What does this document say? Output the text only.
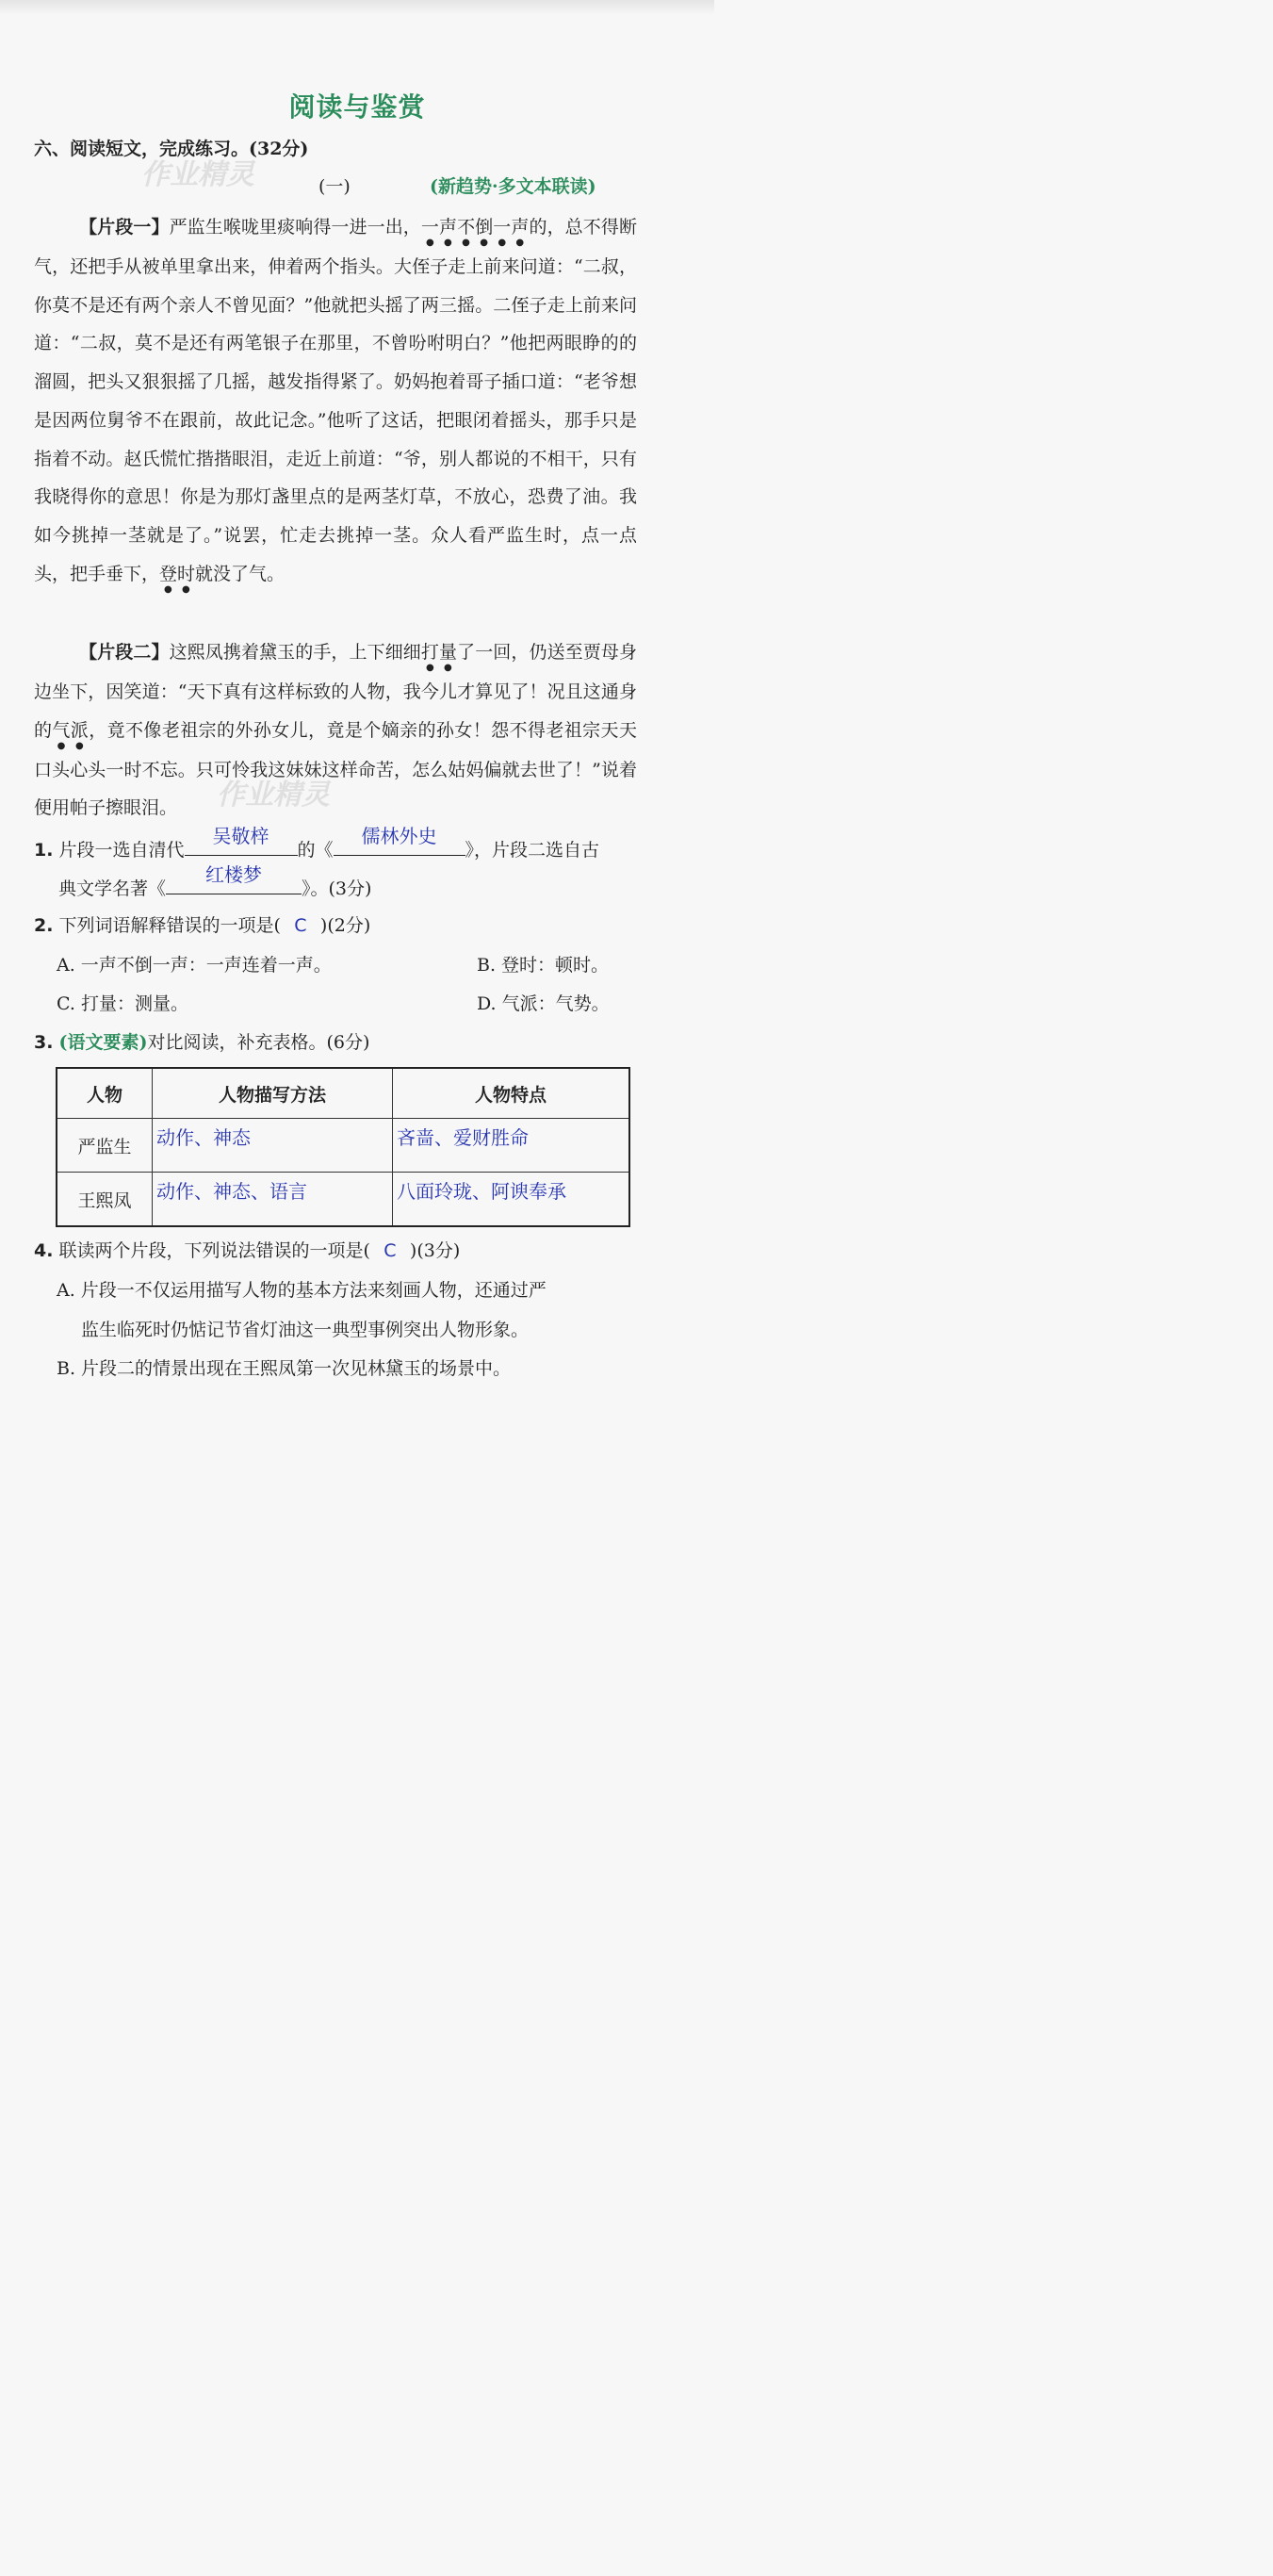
阅读与鉴赏
六、阅读短文，完成练习。(32分)
作业精灵	(一)	(新趋势·多文本联读)
【片段一】严监生喉咙里痰响得一进一出，一声不倒一声的，总不得断气，还把手从被单里拿出来，伸着两个指头。大侄子走上前来问道：“二叔，你莫不是还有两个亲人不曾见面？”他就把头摇了两三摇。二侄子走上前来问道：“二叔，莫不是还有两笔银子在那里，不曾吩咐明白？”他把两眼睁的的溜圆，把头又狠狠摇了几摇，越发指得紧了。奶妈抱着哥子插口道：“老爷想是因两位舅爷不在跟前，故此记念。”他听了这话，把眼闭着摇头，那手只是指着不动。赵氏慌忙揩揩眼泪，走近上前道：“爷，别人都说的不相干，只有我晓得你的意思！你是为那灯盏里点的是两茎灯草，不放心，恐费了油。我如今挑掉一茎就是了。”说罢，忙走去挑掉一茎。众人看严监生时，点一点头，把手垂下，登时就没了气。
【片段二】这熙凤携着黛玉的手，上下细细打量了一回，仍送至贾母身边坐下，因笑道：“天下真有这样标致的人物，我今儿才算见了！况且这通身的气派，竟不像老祖宗的外孙女儿，竟是个嫡亲的孙女！怨不得老祖宗天天口头心头一时不忘。只可怜我这妹妹这样命苦，怎么姑妈偏就去世了！”说着便用帕子擦眼泪。	作业精灵
1. 片段一选自清代
吴敬梓
的《
儒林外史
》，片段二选自古
典文学名著《
红楼梦
》。(3分)
2. 下列词语解释错误的一项是( C )(2分)
A. 一声不倒一声：一声连着一声。	B. 登时：顿时。
C. 打量：测量。	D. 气派：气势。
3. (语文要素)对比阅读，补充表格。(6分)
人物	人物描写方法	人物特点
严监生	动作、神态	吝啬、爱财胜命
王熙凤	动作、神态、语言	八面玲珑、阿谀奉承
4. 联读两个片段，下列说法错误的一项是( C )(3分)
A. 片段一不仅运用描写人物的基本方法来刻画人物，还通过严
监生临死时仍惦记节省灯油这一典型事例突出人物形象。
B. 片段二的情景出现在王熙凤第一次见林黛玉的场景中。
